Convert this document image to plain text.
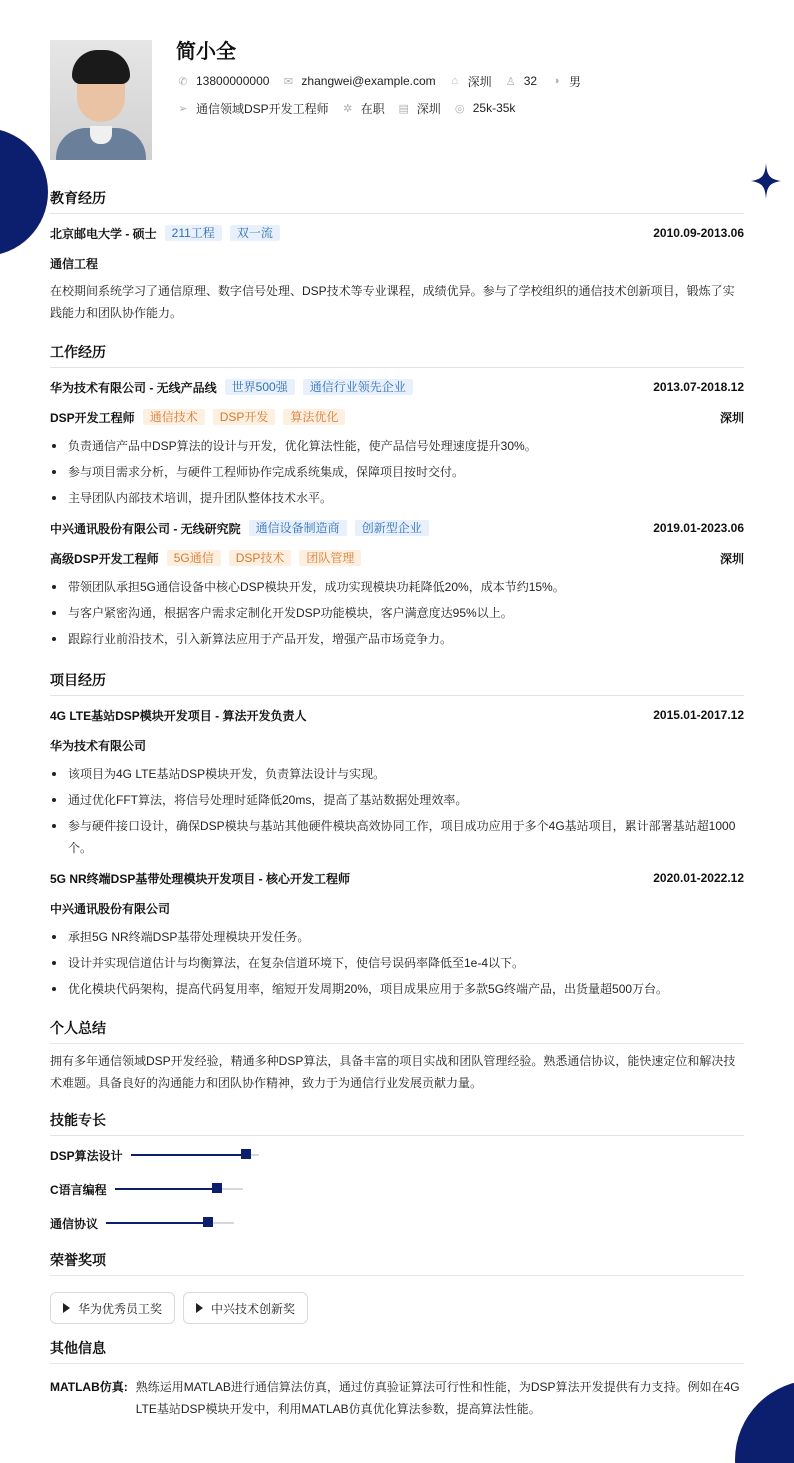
简小全
✆ 13800000000 ✉ zhangwei@example.com	⌂ 深圳 ♙ 32	◑ 男
➢ 通信领域DSP开发工程师 ✲ 在职 ▤ 深圳 ◎ 25k-35k
教育经历
北京邮电大学 - 硕士	211工程	双一流	2010.09-2013.06
通信工程
在校期间系统学习了通信原理、数字信号处理、DSP技术等专业课程，成绩优异。参与了学校组织的通信技术创新项目，锻炼了实践能力和团队协作能力。
工作经历
华为技术有限公司 - 无线产品线	世界500强	通信行业领先企业	2013.07-2018.12
DSP开发工程师	通信技术	DSP开发	算法优化	深圳
负责通信产品中DSP算法的设计与开发，优化算法性能，使产品信号处理速度提升30%。
参与项目需求分析，与硬件工程师协作完成系统集成，保障项目按时交付。
主导团队内部技术培训，提升团队整体技术水平。
中兴通讯股份有限公司 - 无线研究院	通信设备制造商	创新型企业	2019.01-2023.06
高级DSP开发工程师	5G通信	DSP技术	团队管理	深圳
带领团队承担5G通信设备中核心DSP模块开发，成功实现模块功耗降低20%，成本节约15%。
与客户紧密沟通，根据客户需求定制化开发DSP功能模块，客户满意度达95%以上。
跟踪行业前沿技术，引入新算法应用于产品开发，增强产品市场竞争力。
项目经历
4G LTE基站DSP模块开发项目 - 算法开发负责人	2015.01-2017.12
华为技术有限公司
该项目为4G LTE基站DSP模块开发，负责算法设计与实现。
通过优化FFT算法，将信号处理时延降低20ms，提高了基站数据处理效率。
参与硬件接口设计，确保DSP模块与基站其他硬件模块高效协同工作，项目成功应用于多个4G基站项目，累计部署基站超1000个。
5G NR终端DSP基带处理模块开发项目 - 核心开发工程师	2020.01-2022.12
中兴通讯股份有限公司
承担5G NR终端DSP基带处理模块开发任务。
设计并实现信道估计与均衡算法，在复杂信道环境下，使信号误码率降低至1e-4以下。
优化模块代码架构，提高代码复用率，缩短开发周期20%，项目成果应用于多款5G终端产品，出货量超500万台。
个人总结
拥有多年通信领域DSP开发经验，精通多种DSP算法，具备丰富的项目实战和团队管理经验。熟悉通信协议，能快速定位和解决技术难题。具备良好的沟通能力和团队协作精神，致力于为通信行业发展贡献力量。
技能专长
DSP算法设计
C语言编程
通信协议
荣誉奖项
华为优秀员工奖	中兴技术创新奖
其他信息
MATLAB仿真: 熟练运用MATLAB进行通信算法仿真，通过仿真验证算法可行性和性能，为DSP算法开发提供有力支持。例如在4G LTE基站DSP模块开发中，利用MATLAB仿真优化算法参数，提高算法性能。
